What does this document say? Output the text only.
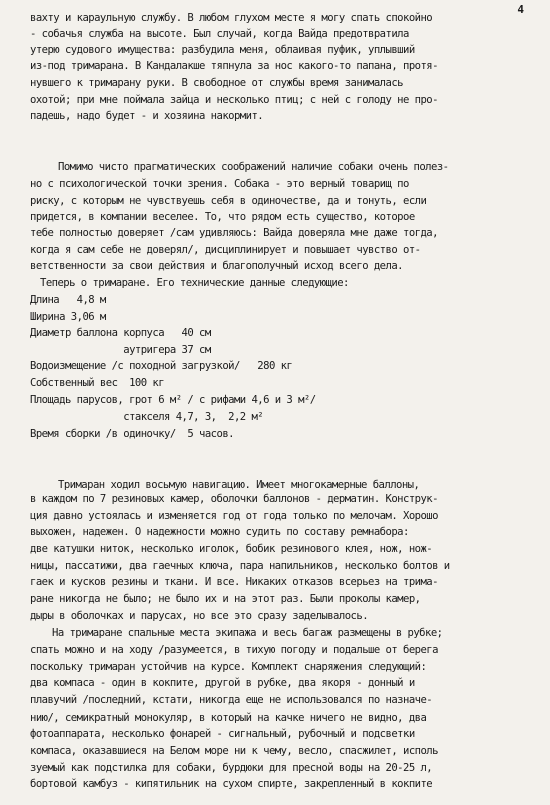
4
вахту и караульную службу. В любом глухом месте я могу спать спокойно
- собачья служба на высоте. Был случай, когда Вайда предотвратила
утерю судового имущества: разбудила меня, облаивая пуфик, уплывший
из-под тримарана. В Кандалакше тяпнула за нос какого-то папана, протя-
нувшего к тримарану руки. В свободное от службы время занималась
охотой; при мне поймала зайца и несколько птиц; с ней с голоду не про-
падешь, надо будет - и хозяина накормит.
Помимо чисто прагматических соображений наличие собаки очень полез-
но с психологической точки зрения. Собака - это верный товарищ по
риску, с которым не чувствуешь себя в одиночестве, да и тонуть, если
придется, в компании веселее. То, что рядом есть существо, которое
тебе полностью доверяет /сам удивляюсь: Вайда доверяла мне даже тогда,
когда я сам себе не доверял/, дисциплинирует и повышает чувство от-
ветственности за свои действия и благополучный исход всего дела.
Теперь о тримаране. Его технические данные следующие:
Длина   4,8 м
Ширина 3,06 м
Диаметр баллона корпуса   40 см
аутригера 37 см
Водоизмещение /с походной загрузкой/   280 кг
Собственный вес  100 кг
Площадь парусов, грот 6 м² / с рифами 4,6 и 3 м²/
стакселя 4,7, 3,  2,2 м²
Время сборки /в одиночку/  5 часов.
Тримаран ходил восьмую навигацию. Имеет многокамерные баллоны,
в каждом по 7 резиновых камер, оболочки баллонов - дерматин. Конструк-
ция давно устоялась и изменяется год от года только по мелочам. Хорошо
выхожен, надежен. О надежности можно судить по составу ремнабора:
две катушки ниток, несколько иголок, бобик резинового клея, нож, нож-
ницы, пассатижи, два гаечных ключа, пара напильников, несколько болтов и
гаек и кусков резины и ткани. И все. Никаких отказов всерьез на трима-
ране никогда не было; не было их и на этот раз. Были проколы камер,
дыры в оболочках и парусах, но все это сразу заделывалось.
На тримаране спальные места экипажа и весь багаж размещены в рубке;
спать можно и на ходу /разумеется, в тихую погоду и подальше от берега
поскольку тримаран устойчив на курсе. Комплект снаряжения следующий:
два компаса - один в кокпите, другой в рубке, два якоря - донный и
плавучий /последний, кстати, никогда еще не использовался по назначе-
нию/, семикратный монокуляр, в который на качке ничего не видно, два
фотоаппарата, несколько фонарей - сигнальный, рубочный и подсветки
компаса, оказавшиеся на Белом море ни к чему, весло, спасжилет, исполь
зуемый как подстилка для собаки, бурдюки для пресной воды на 20-25 л,
бортовой камбуз - кипятильник на сухом спирте, закрепленный в кокпите
